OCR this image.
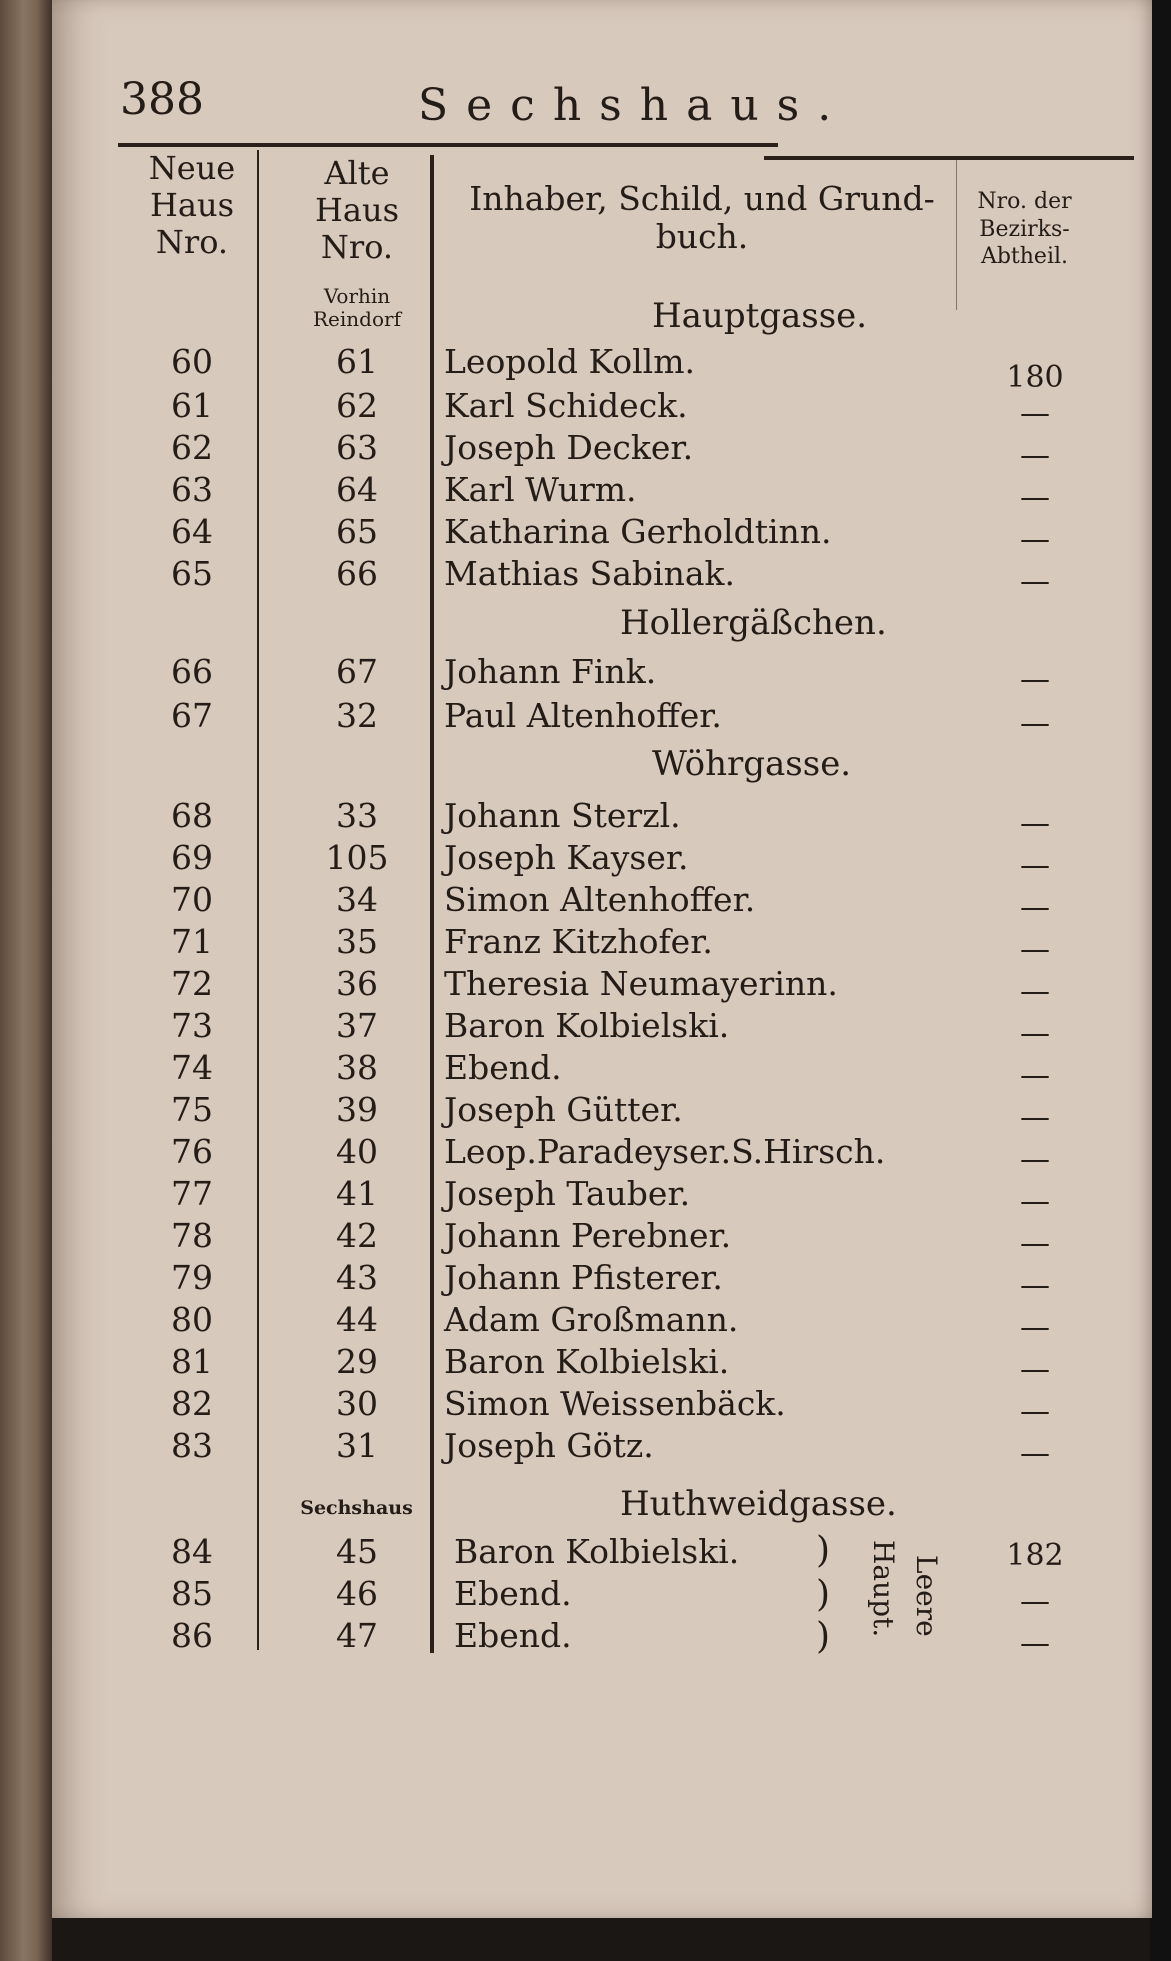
388	Sechshaus.
Neue
Haus
Nro.
Alte
Haus
Nro.
Vorhin
Reindorf
Inhaber, Schild, und Grund-
buch.
Nro. der
Bezirks-
Abtheil.
Hauptgasse.
60	61	Leopold Kollm.	180
61	62	Karl Schideck.	—
62	63	Joseph Decker.	—
63	64	Karl Wurm.	—
64	65	Katharina Gerholdtinn.	—
65	66	Mathias Sabinak.	—
Hollergäßchen.
66	67	Johann Fink.	—
67	32	Paul Altenhoffer.	—
Wöhrgasse.
68	33	Johann Sterzl.	—
69	105	Joseph Kayser.	—
70	34	Simon Altenhoffer.	—
71	35	Franz Kitzhofer.	—
72	36	Theresia Neumayerinn.	—
73	37	Baron Kolbielski.	—
74	38	Ebend.	—
75	39	Joseph Gütter.	—
76	40	Leop.Paradeyser.S.Hirsch.	—
77	41	Joseph Tauber.	—
78	42	Johann Perebner.	—
79	43	Johann Pfisterer.	—
80	44	Adam Großmann.	—
81	29	Baron Kolbielski.	—
82	30	Simon Weissenbäck.	—
83	31	Joseph Götz.	—
Sechshaus	Huthweidgasse.
84	45	Baron Kolbielski.	182
85	46	Ebend.	—
86	47	Ebend.	—
)
)
) Haupt. Leere
